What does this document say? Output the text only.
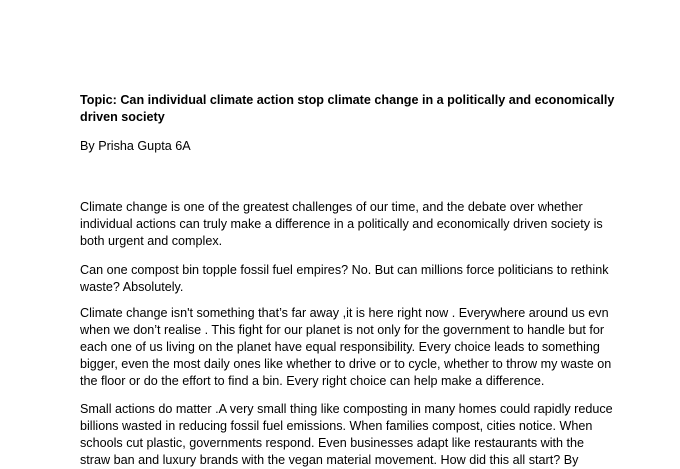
Topic: Can individual climate action stop climate change in a politically and economically
driven society

By Prisha Gupta 6A

Climate change is one of the greatest challenges of our time, and the debate over whether
individual actions can truly make a difference in a politically and economically driven society is
both urgent and complex.

Can one compost bin topple fossil fuel empires? No. But can millions force politicians to rethink
waste? Absolutely.

Climate change isn't something that’s far away ,it is here right now . Everywhere around us evn
when we don’t realise . This fight for our planet is not only for the government to handle but for
each one of us living on the planet have equal responsibility. Every choice leads to something
bigger, even the most daily ones like whether to drive or to cycle, whether to throw my waste on
the floor or do the effort to find a bin. Every right choice can help make a difference.

Small actions do matter .A very small thing like composting in many homes could rapidly reduce
billions wasted in reducing fossil fuel emissions. When families compost, cities notice. When
schools cut plastic, governments respond. Even businesses adapt like restaurants with the
straw ban and luxury brands with the vegan material movement. How did this all start? By
